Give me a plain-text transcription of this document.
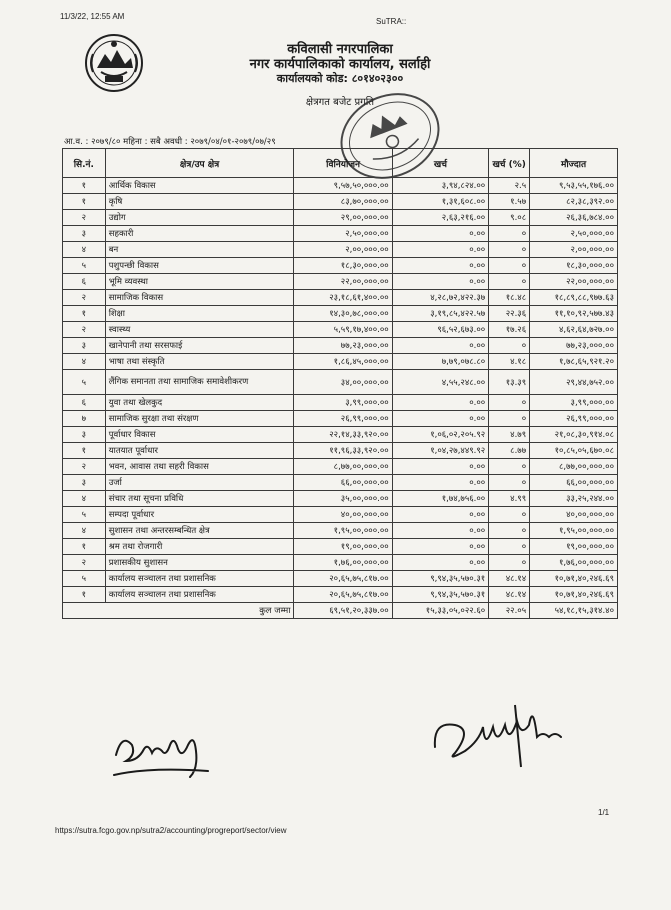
11/3/22, 12:55 AM
SuTRA::
कविलासी नगरपालिका
नगर कार्यपालिकाको कार्यालय, सर्लाही
कार्यालयको कोड: ८०१४०२३००
क्षेत्रगत बजेट प्रगति
आ.व. : २०७९/८० महिना : सबै अवधी : २०७९/०४/०१-२०७९/०७/२९
सि.नं.	क्षेत्र/उप क्षेत्र	विनियोजन	खर्च	खर्च (%)	मौज्दात
१	आर्थिक विकास	९,५७,५०,०००.००	३,९४,८२४.००	२.५	९,५३,५५,१७६.००
१	कृषि	८३,७०,०००.००	१,३१,६०८.००	१.५७	८२,३८,३९२.००
२	उद्योग	२९,००,०००.००	२,६३,२१६.००	९.०८	२६,३६,७८४.००
३	सहकारी	२,५०,०००.००	०.००	०	२,५०,०००.००
४	बन	२,००,०००.००	०.००	०	२,००,०००.००
५	पशुपन्छी विकास	१८,३०,०००.००	०.००	०	१८,३०,०००.००
६	भूमि व्यवस्था	२२,००,०००.००	०.००	०	२२,००,०००.००
२	सामाजिक विकास	२३,१८,६१,४००.००	४,२८,७२,४२२.३७	१८.४८	१८,८९,८८,९७७.६३
१	शिक्षा	१४,३०,७८,०००.००	३,१९,८५,४२२.५७	२२.३६	११,१०,९२,५७७.४३
२	स्वास्थ्य	५,५९,१७,४००.००	९६,५२,६७३.००	१७.२६	४,६२,६४,७२७.००
३	खानेपानी तथा सरसफाई	७७,२३,०००.००	०.००	०	७७,२३,०००.००
४	भाषा तथा संस्कृति	१,८६,४५,०००.००	७,७९,०७८.८०	४.१८	१,७८,६५,९२१.२०
५	लैंगिक समानता तथा सामाजिक समावेशीकरण	३४,००,०००.००	४,५५,२४८.००	१३.३९	२९,४४,७५२.००
६	युवा तथा खेलकुद	३,९९,०००.००	०.००	०	३,९९,०००.००
७	सामाजिक सुरक्षा तथा संरक्षण	२६,९९,०००.००	०.००	०	२६,९९,०००.००
३	पूर्वाधार विकास	२२,१४,३३,९२०.००	१,०६,०२,२०५.९२	४.७९	२१,०८,३०,९१४.०८
१	यातयात पूर्वाधार	११,९६,३३,९२०.००	१,०४,२७,४४९.९२	८.७७	१०,८५,०५,६७०.०८
२	भवन, आवास तथा सहरी विकास	८,७७,००,०००.००	०.००	०	८,७७,००,०००.००
३	उर्जा	६६,००,०००.००	०.००	०	६६,००,०००.००
४	संचार तथा सूचना प्रविधि	३५,००,०००.००	१,७४,७५६.००	४.९९	३३,२५,२४४.००
५	सम्पदा पूर्वाधार	४०,००,०००.००	०.००	०	४०,००,०००.००
४	सुशासन तथा अन्तरसम्बन्धित क्षेत्र	१,९५,००,०००.००	०.००	०	१,९५,००,०००.००
१	श्रम तथा रोजगारी	१९,००,०००.००	०.००	०	१९,००,०००.००
२	प्रशासकीय सुशासन	१,७६,००,०००.००	०.००	०	१,७६,००,०००.००
५	कार्यालय सञ्चालन तथा प्रशासनिक	२०,६५,७५,८१७.००	९,९४,३५,५७०.३१	४८.१४	१०,७१,४०,२४६.६९
१	कार्यालय सञ्चालन तथा प्रशासनिक	२०,६५,७५,८१७.००	९,९४,३५,५७०.३१	४८.१४	१०,७१,४०,२४६.६९
कुल जम्मा		६९,५१,२०,३३७.००	१५,३३,०५,०२२.६०	२२.०५	५४,१८,१५,३१४.४०
1/1
https://sutra.fcgo.gov.np/sutra2/accounting/progreport/sector/view
